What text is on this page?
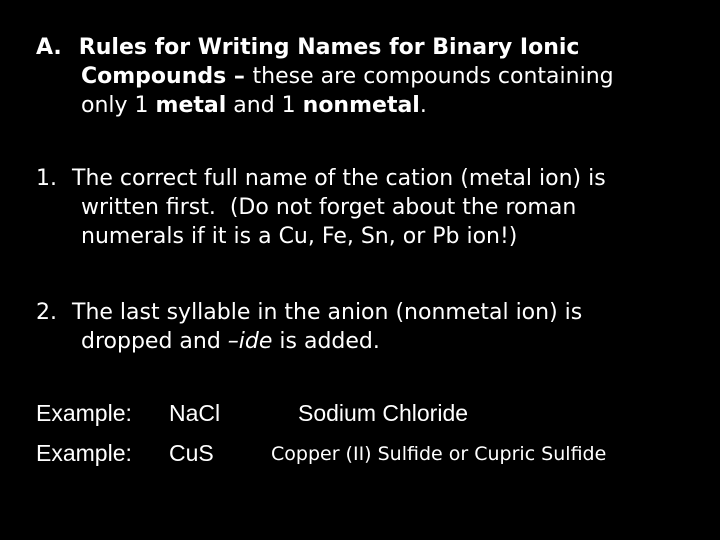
A. Rules for Writing Names for Binary Ionic
Compounds – these are compounds containing
only 1 metal and 1 nonmetal.
1. The correct full name of the cation (metal ion) is
written first.  (Do not forget about the roman
numerals if it is a Cu, Fe, Sn, or Pb ion!)
2. The last syllable in the anion (nonmetal ion) is
dropped and –ide is added.
Example: NaCl	Sodium Chloride
Example: CuS	Copper (II) Sulfide or Cupric Sulfide
